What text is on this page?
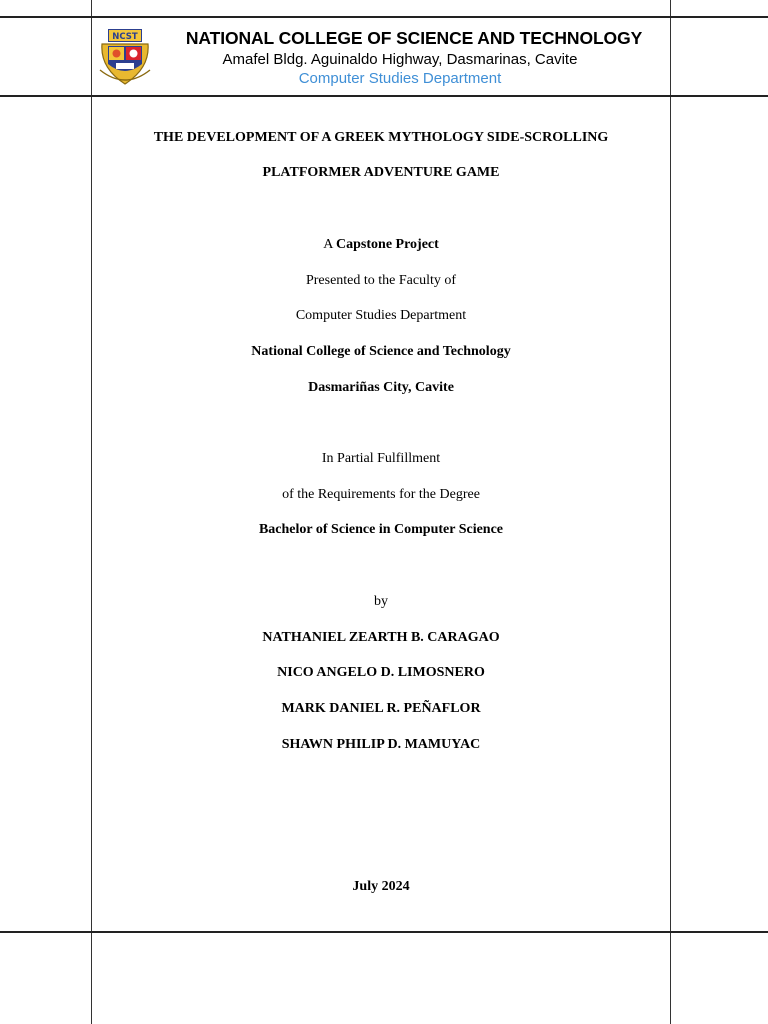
NCST	NATIONAL COLLEGE OF SCIENCE AND TECHNOLOGY
Amafel Bldg. Aguinaldo Highway, Dasmarinas, Cavite
Computer Studies Department
THE DEVELOPMENT OF A GREEK MYTHOLOGY SIDE-SCROLLING
PLATFORMER ADVENTURE GAME
A Capstone Project
Presented to the Faculty of
Computer Studies Department
National College of Science and Technology
Dasmariñas City, Cavite
In Partial Fulfillment
of the Requirements for the Degree
Bachelor of Science in Computer Science
by
NATHANIEL ZEARTH B. CARAGAO
NICO ANGELO D. LIMOSNERO
MARK DANIEL R. PEÑAFLOR
SHAWN PHILIP D. MAMUYAC
July 2024
